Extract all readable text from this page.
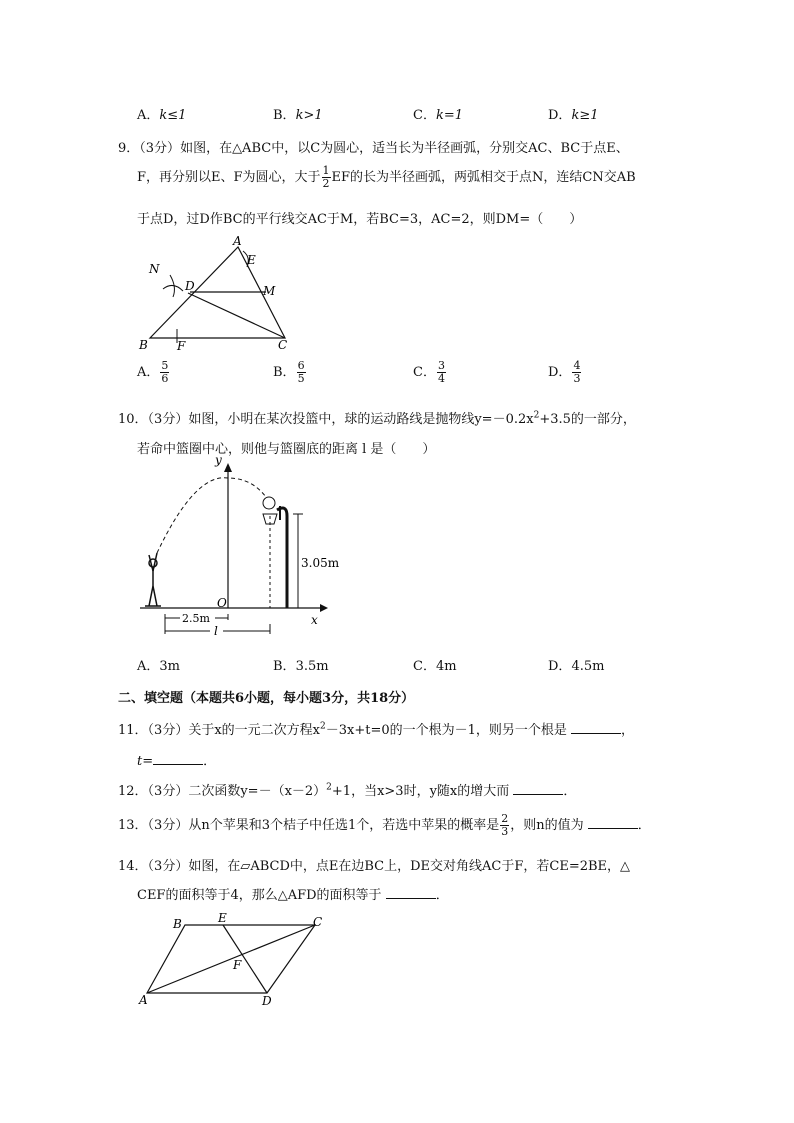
A．k≤1	B．k>1	C．k=1	D．k≥1
9．（3分）如图，在△ABC中，以C为圆心，适当长为半径画弧，分别交AC、BC于点E、
F，再分别以E、F为圆心，大于 $\frac{1}{2}$ EF的长为半径画弧，两弧相交于点N，连结CN交AB
于点D，过D作BC的平行线交AC于M，若BC=3，AC=2，则DM=（　　）
A
E
N
D	M
B F	C
A． $\frac{5}{6}$	B． $\frac{6}{5}$	C． $\frac{3}{4}$	D． $\frac{4}{3}$
10．（3分）如图，小明在某次投篮中，球的运动路线是抛物线$y=-0.2x^2+3.5$的一部分，
若命中篮圈中心，则他与篮圈底的距离 l 是（　　）
3.05m
O
y
x
2.5m
l
A．3m	B．3.5m	C．4m	D．4.5m
二、填空题（本题共6小题，每小题3分，共18分）
11．（3分）关于x的一元二次方程$x^2-3x+t=0$的一个根为－1，则另一个根是	，
t=	．
12．（3分）二次函数$y=-(x-2)^2+1$，当x>3时，y随x的增大而	．
13．（3分）从n个苹果和3个桔子中任选1个，若选中苹果的概率是 $\frac{2}{3}$ ，则n的值为	．
14．（3分）如图，在▱ABCD中，点E在边BC上，DE交对角线AC于F，若CE=2BE，△
CEF的面积等于4，那么△AFD的面积等于	．
B	E	C
F
A	D
